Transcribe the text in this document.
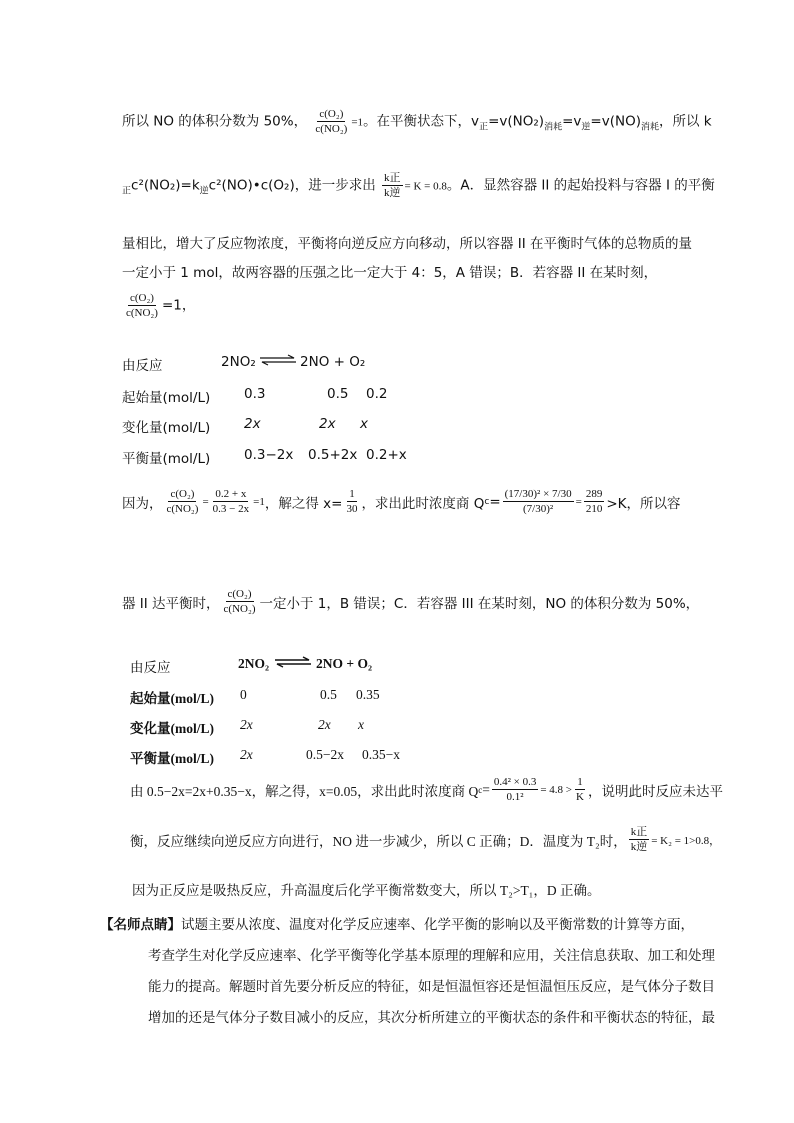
所以 NO 的体积分数为 50%， $\frac{\text{c(O₂)}}{\text{c(NO₂)}} =1$。在平衡状态下，$v_正=v(NO_2)_{消耗}=v_逆=v(NO)_{消耗}$，所以 k
$_正c^2(NO_2)=k_逆c^2(NO)•c(O_2)$，进一步求出 $\frac{\text{k正}}{\text{k逆}} = K = 0.8$。A．显然容器 II 的起始投料与容器 I 的平衡
量相比，增大了反应物浓度，平衡将向逆反应方向移动，所以容器 II 在平衡时气体的总物质的量
一定小于 1 mol，故两容器的压强之比一定大于 4：5，A 错误；B．若容器 II 在某时刻，
$\frac{\text{c(O₂)}}{\text{c(NO₂)}} =1$，
由反应	2NO₂ ⇌ 2NO + O₂
起始量(mol/L) 0.3	0.5 0.2
变化量(mol/L) 2x	2x x
平衡量(mol/L) 0.3−2x 0.5+2x 0.2+x
因为， $\frac{\text{c(O₂)}}{\text{c(NO₂)}} = \frac{0.2 + x}{0.3 - 2x} =1$ ，解之得 $x= \frac{1}{30}$ ，求出此时浓度商 Q $c = \frac{\text{(17/30)² × 7/30}}{\text{(7/30)²}} = \frac{289}{210} >K$，所以容
器 II 达平衡时， $\frac{\text{c(O₂)}}{\text{c(NO₂)}}$ 一定小于 1，B 错误；C．若容器 III 在某时刻，NO 的体积分数为 50%，
由反应	2NO₂ ⇌ 2NO + O₂
起始量(mol/L) 0	0.5 0.35
变化量(mol/L) 2x	2x x
平衡量(mol/L) 2x	0.5−2x 0.35−x
由 0.5−2x=2x+0.35−x，解之得，x=0.05，求出此时浓度商 Q $c = \frac{\text{0.4² × 0.3}}{\text{0.1²}} = 4.8 > \frac{1}{K}$ ，说明此时反应未达平
衡，反应继续向逆反应方向进行，NO 进一步减少，所以 C 正确；D．温度为 T₂时， $\frac{\text{k正}}{\text{k逆}} = K_2 = 1>0.8$，
因为正反应是吸热反应，升高温度后化学平衡常数变大，所以 T₂>T₁，D 正确。
【名师点睛】试题主要从浓度、温度对化学反应速率、化学平衡的影响以及平衡常数的计算等方面，
考查学生对化学反应速率、化学平衡等化学基本原理的理解和应用，关注信息获取、加工和处理
能力的提高。解题时首先要分析反应的特征，如是恒温恒容还是恒温恒压反应，是气体分子数目
增加的还是气体分子数目减小的反应，其次分析所建立的平衡状态的条件和平衡状态的特征，最
